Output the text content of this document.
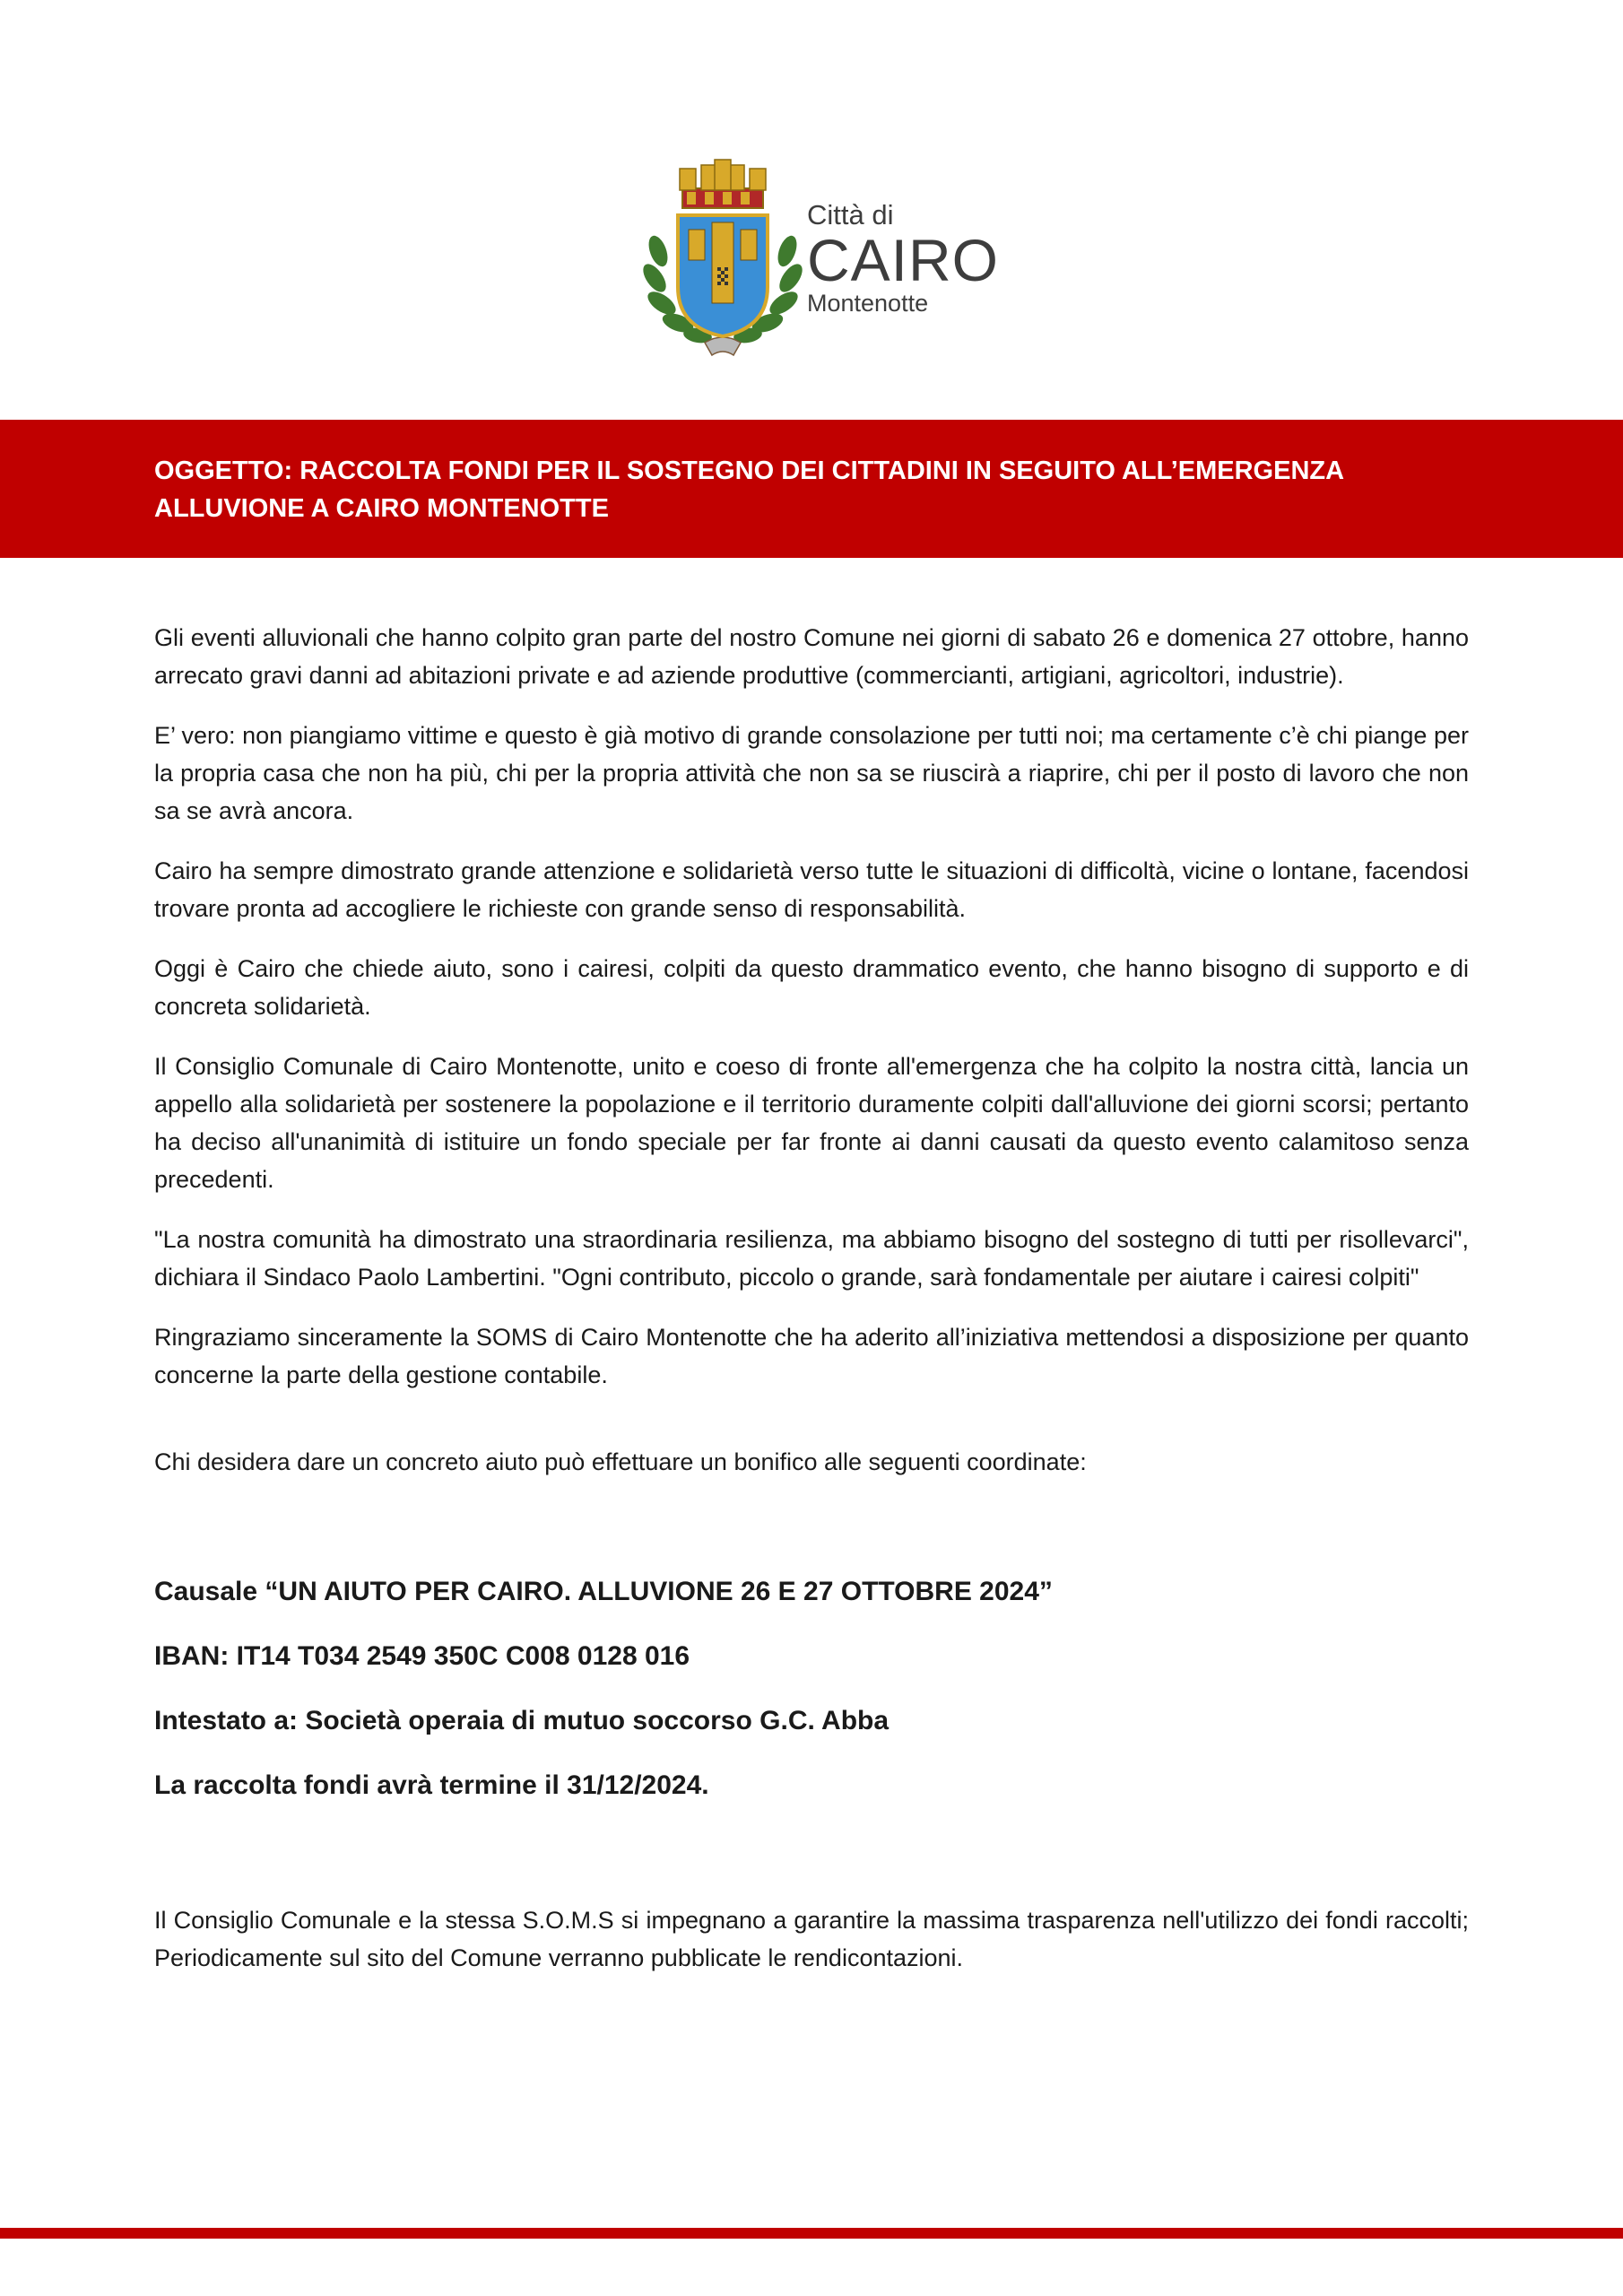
Città di
CAIRO
Montenotte

OGGETTO: RACCOLTA FONDI PER IL SOSTEGNO DEI CITTADINI IN SEGUITO ALL’EMERGENZA ALLUVIONE A CAIRO MONTENOTTE

Gli eventi alluvionali che hanno colpito gran parte del nostro Comune nei giorni di sabato 26 e domenica 27 ottobre, hanno arrecato gravi danni ad abitazioni private e ad aziende produttive (commercianti, artigiani, agricoltori, industrie).

E’ vero: non piangiamo vittime e questo è già motivo di grande consolazione per tutti noi; ma certamente c’è chi piange per la propria casa che non ha più, chi per la propria attività che non sa se riuscirà a riaprire, chi per il posto di lavoro che non sa se avrà ancora.

Cairo ha sempre dimostrato grande attenzione e solidarietà verso tutte le situazioni di difficoltà, vicine o lontane, facendosi trovare pronta ad accogliere le richieste con grande senso di responsabilità.

Oggi è Cairo che chiede aiuto, sono i cairesi, colpiti da questo drammatico evento, che hanno bisogno di supporto e di concreta solidarietà.

Il Consiglio Comunale di Cairo Montenotte, unito e coeso di fronte all'emergenza che ha colpito la nostra città, lancia un appello alla solidarietà per sostenere la popolazione e il territorio duramente colpiti dall'alluvione dei giorni scorsi; pertanto ha deciso all'unanimità di istituire un fondo speciale per far fronte ai danni causati da questo evento calamitoso senza precedenti.

"La nostra comunità ha dimostrato una straordinaria resilienza, ma abbiamo bisogno del sostegno di tutti per risollevarci", dichiara il Sindaco Paolo Lambertini. "Ogni contributo, piccolo o grande, sarà fondamentale per aiutare i cairesi colpiti"

Ringraziamo sinceramente la SOMS di Cairo Montenotte che ha aderito all’iniziativa mettendosi a disposizione per quanto concerne la parte della gestione contabile.

Chi desidera dare un concreto aiuto può effettuare un bonifico alle seguenti coordinate:

Causale “UN AIUTO PER CAIRO. ALLUVIONE 26 E 27 OTTOBRE 2024”

IBAN: IT14 T034 2549 350C C008 0128 016

Intestato a: Società operaia di mutuo soccorso G.C. Abba

La raccolta fondi avrà termine il 31/12/2024.

Il Consiglio Comunale e la stessa S.O.M.S si impegnano a garantire la massima trasparenza nell'utilizzo dei fondi raccolti; Periodicamente sul sito del Comune verranno pubblicate le rendicontazioni.
